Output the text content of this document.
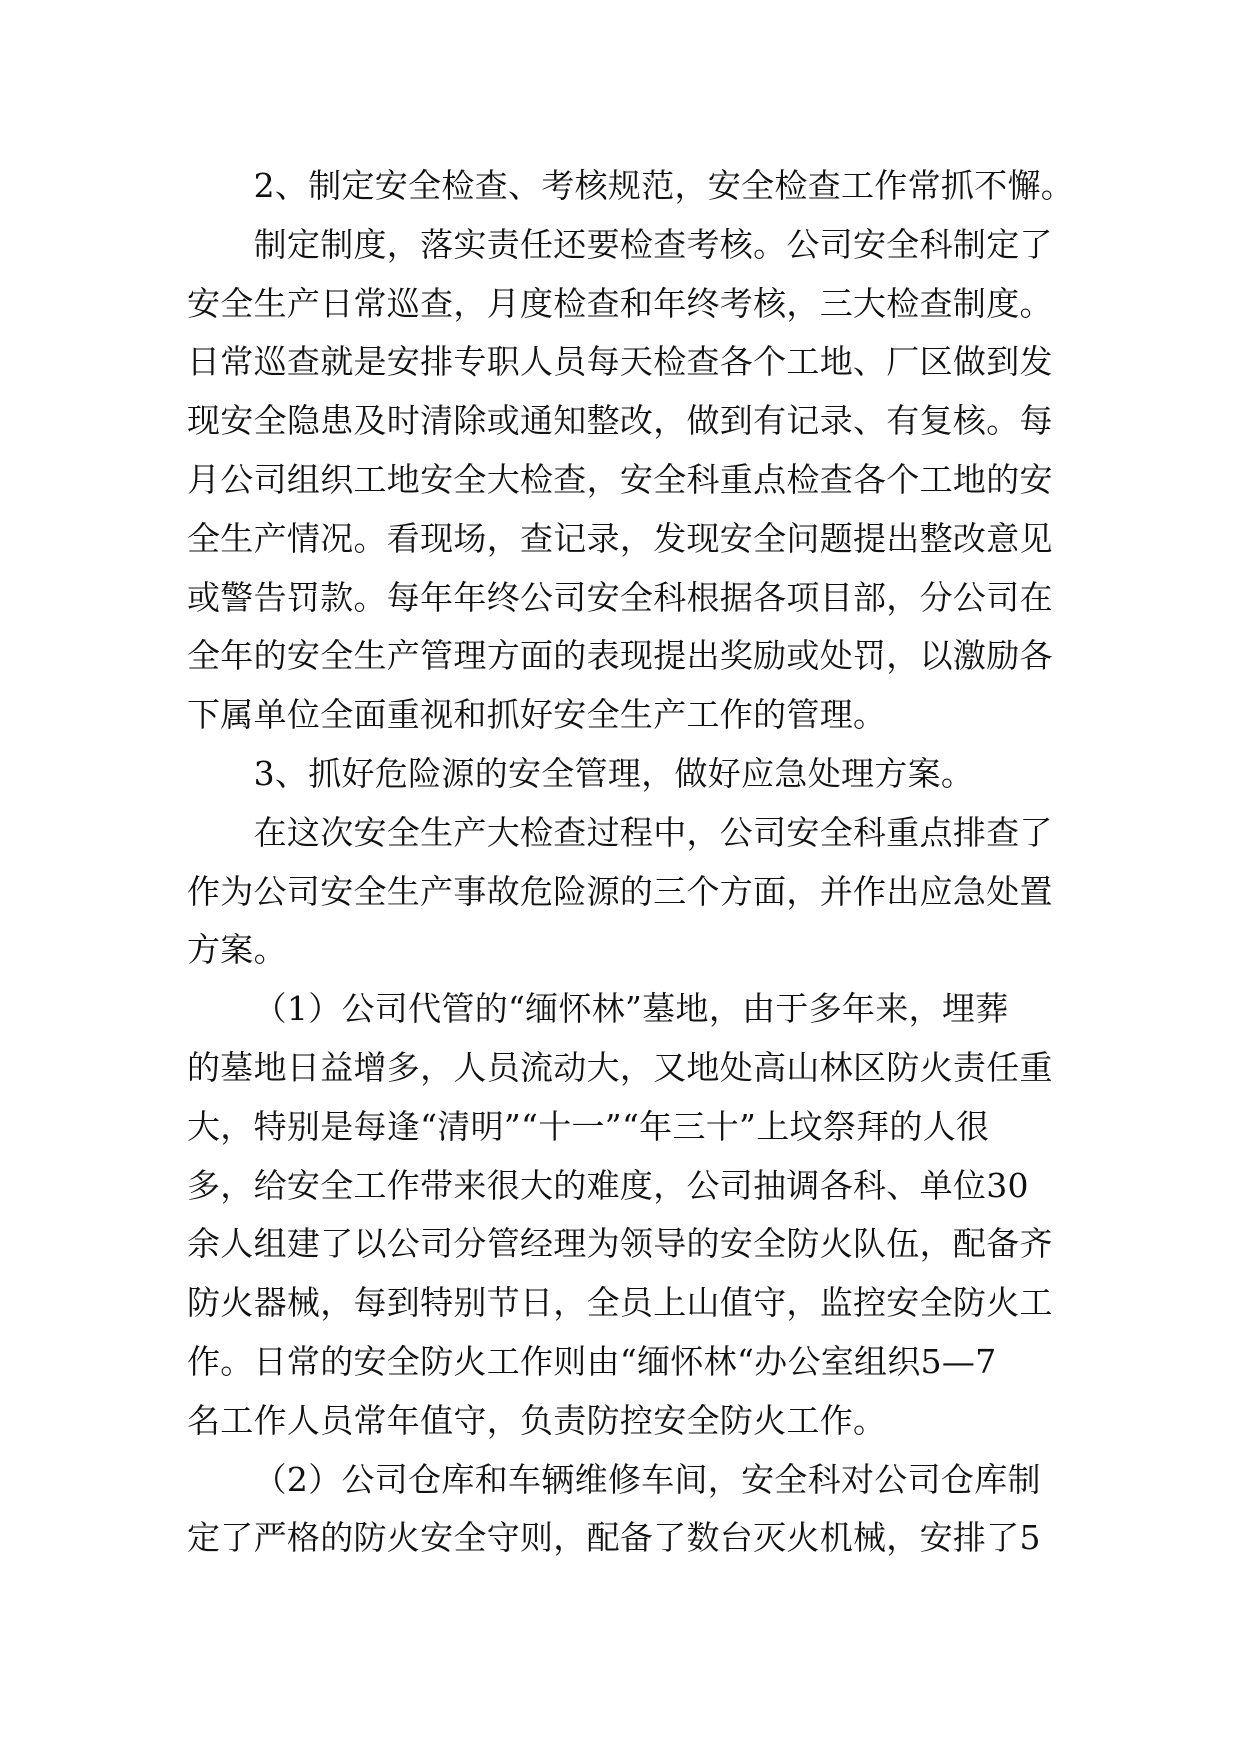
2、制定安全检查、考核规范，安全检查工作常抓不懈。
制定制度，落实责任还要检查考核。公司安全科制定了
安全生产日常巡查，月度检查和年终考核，三大检查制度。
日常巡查就是安排专职人员每天检查各个工地、厂区做到发
现安全隐患及时清除或通知整改，做到有记录、有复核。每
月公司组织工地安全大检查，安全科重点检查各个工地的安
全生产情况。看现场，查记录，发现安全问题提出整改意见
或警告罚款。每年年终公司安全科根据各项目部，分公司在
全年的安全生产管理方面的表现提出奖励或处罚，以激励各
下属单位全面重视和抓好安全生产工作的管理。
3、抓好危险源的安全管理，做好应急处理方案。
在这次安全生产大检查过程中，公司安全科重点排查了
作为公司安全生产事故危险源的三个方面，并作出应急处置
方案。
（1）公司代管的“缅怀林”墓地，由于多年来，埋葬
的墓地日益增多，人员流动大，又地处高山林区防火责任重
大，特别是每逢“清明”“十一”“年三十”上坟祭拜的人很
多，给安全工作带来很大的难度，公司抽调各科、单位30
余人组建了以公司分管经理为领导的安全防火队伍，配备齐
防火器械，每到特别节日，全员上山值守，监控安全防火工
作。日常的安全防火工作则由“缅怀林“办公室组织5—7
名工作人员常年值守，负责防控安全防火工作。
（2）公司仓库和车辆维修车间，安全科对公司仓库制
定了严格的防火安全守则，配备了数台灭火机械，安排了5
